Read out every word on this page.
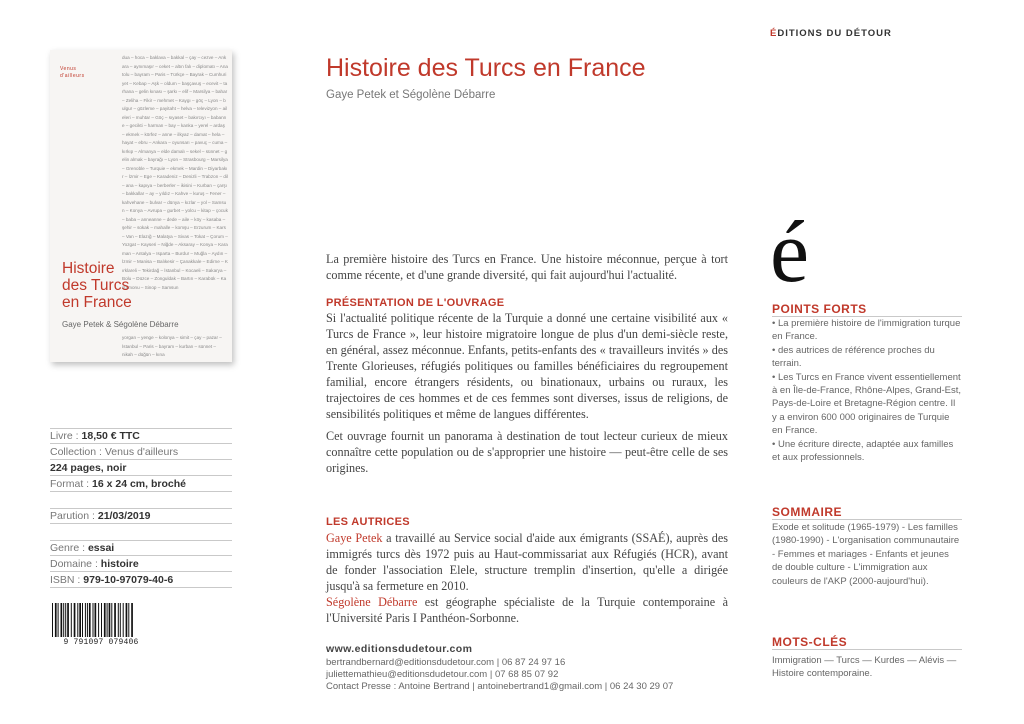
Venus
d'ailleurs
dua – hoca – baklava – bakkal – çay – cezve – Ankara – aynımaşır – ceket – altın falı – diplomatı – Anatolu – bayram – Paris – Türkçe – Bayrak – Cumhuriyet – Kebap – Aşk – oldum – başçavuş – ecevit – tarhana – gelin kınası – şarkı – elif – Marsilya – bahar – Zeliha – Fikir – mehmet – Kaygı – göç – Lyon – bulgur – gözleme – payitaht – helva – televizyon – aileleri – muhtar – Göç – sıyaset – bakırcıyı – babanne – gecikti – harman – bay – kanka – yerel – ardaş – ekmek – körfez – anne – ilkyaz – damat – hela – hayat – ebru – Ankara – oyunsarı – pavuç – cuma – kırkıp – Almanya – elde damalı – sekel – sünnet – gelin almak – bayrağı – Lyon – Strasbourg – Marsilya – Grenoble – Turquie – ekmek – Mardin – Diyarbakır – İzmir – Ege – Karadeniz – Denizli – Trabzon – dil – ana – kapıya – berberler – ikisini – Kurban – çarşı – bakkallar – ay – yıldız – Kahve – kuruş – Fener – kahvehane – bulvar – dünya – kızlar – yol – Samsun – Konya – Avrupa – gurbet – yolcu – kitap – çocuk – baba – anneanne – dede – aile – köy – kasaba – şehir – sokak – mahalle – komşu – Erzurum – Kars – Van – Elazığ – Malatya – Sivas – Tokat – Çorum – Yozgat – Kayseri – Niğde – Aksaray – Konya – Karaman – Antalya – Isparta – Burdur – Muğla – Aydın – İzmir – Manisa – Balıkesir – Çanakkale – Edirne – Kırklareli – Tekirdağ – İstanbul – Kocaeli – Sakarya – Bolu – Düzce – Zonguldak – Bartın – Karabük – Kastamonu – Sinop – Samsun
Histoire
des Turcs
en France
Gaye Petek & Ségolène Débarre
yorgan – yenge – kolonya – simit – çay – pazar – İstanbul – Paris – bayram – kurban – sünnet – nikah – düğün – kına
Livre : 18,50 € TTC
Collection : Venus d'ailleurs
224 pages, noir
Format : 16 x 24 cm, broché
Parution : 21/03/2019
Genre : essai
Domaine : histoire
ISBN : 979-10-97079-40-6
9 791097 079406
Histoire des Turcs en France
Gaye Petek et Ségolène Débarre

La première histoire des Turcs en France. Une histoire méconnue, perçue à tort comme récente, et d'une grande diversité, qui fait aujourd'hui l'actualité.

PRÉSENTATION DE L'OUVRAGE

Si l'actualité politique récente de la Turquie a donné une certaine visibilité aux « Turcs de France », leur histoire migratoire longue de plus d'un demi-siècle reste, en général, assez méconnue. Enfants, petits-enfants des « travailleurs invités » des Trente Glorieuses, réfugiés politiques ou familles bénéficiaires du regroupement familial, encore étrangers résidents, ou binationaux, urbains ou ruraux, les trajectoires de ces hommes et de ces femmes sont diverses, issus de religions, de sensibilités politiques et même de langues différentes.

Cet ouvrage fournit un panorama à destination de tout lecteur curieux de mieux connaître cette population ou de s'approprier une histoire — peut-être celle de ses origines.

LES AUTRICES

Gaye Petek a travaillé au Service social d'aide aux émigrants (SSAÉ), auprès des immigrés turcs dès 1972 puis au Haut-commissariat aux Réfugiés (HCR), avant de fonder l'association Elele, structure tremplin d'insertion, qu'elle a dirigée jusqu'à sa fermeture en 2010.

Ségolène Débarre est géographe spécialiste de la Turquie contemporaine à l'Université Paris I Panthéon-Sorbonne.

www.editionsdudetour.com
bertrandbernard@editionsdudetour.com | 06 87 24 97 16
juliettemathieu@editionsdudetour.com | 07 68 85 07 92
Contact Presse : Antoine Bertrand | antoinebertrand1@gmail.com | 06 24 30 29 07
ÉDITIONS DU DÉTOUR
é
POINTS FORTS
• La première histoire de l'immigration turque en France.
• des autrices de référence proches du terrain.
• Les Turcs en France vivent essentiellement à en Île-de-France, Rhône-Alpes, Grand-Est, Pays-de-Loire et Bretagne-Région centre. Il y a environ 600 000 originaires de Turquie en France.
• Une écriture directe, adaptée aux familles et aux professionnels.
SOMMAIRE
Exode et solitude (1965-1979) - Les familles (1980-1990) - L'organisation communautaire - Femmes et mariages - Enfants et jeunes de double culture - L'immigration aux couleurs de l'AKP (2000-aujourd'hui).
MOTS-CLÉS
Immigration — Turcs — Kurdes — Alévis — Histoire contemporaine.
